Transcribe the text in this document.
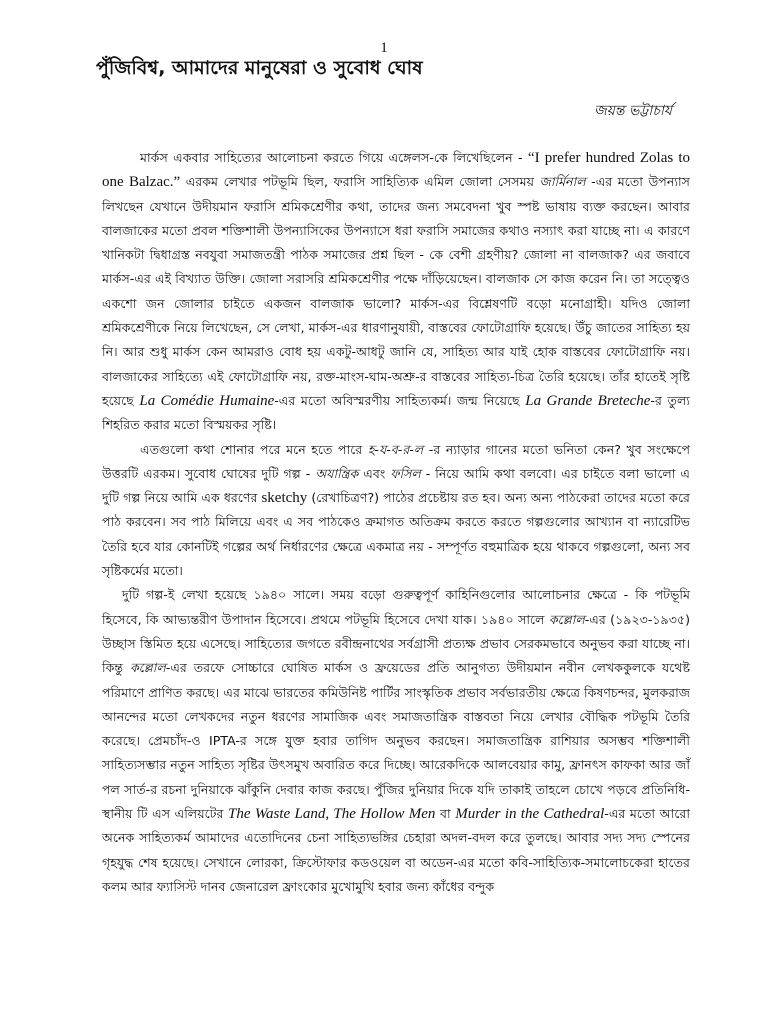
1
পুঁজিবিশ্ব, আমাদের মানুষেরা ও সুবোধ ঘোষ
জয়ন্ত ভট্টাচার্য

মার্কস একবার সাহিত্যের আলোচনা করতে গিয়ে এঙ্গেলস-কে লিখেছিলেন - “I prefer hundred Zolas to one Balzac.” এরকম লেখার পটভূমি ছিল, ফরাসি সাহিত্যিক এমিল জোলা সেসময় জার্মিনাল -এর মতো উপন্যাস লিখছেন যেখানে উদীয়মান ফরাসি শ্রমিকশ্রেণীর কথা, তাদের জন্য সমবেদনা খুব স্পষ্ট ভাষায় ব্যক্ত করছেন। আবার বালজাকের মতো প্রবল শক্তিশালী উপন্যাসিকের উপন্যাসে ধরা ফরাসি সমাজের কথাও নস্যাৎ করা যাচ্ছে না। এ কারণে খানিকটা দ্বিধাগ্রস্ত নবযুবা সমাজতন্ত্রী পাঠক সমাজের প্রশ্ন ছিল - কে বেশী গ্রহণীয়? জোলা না বালজাক? এর জবাবে মার্কস-এর এই বিখ্যাত উক্তি। জোলা সরাসরি শ্রমিকশ্রেণীর পক্ষে দাঁড়িয়েছেন। বালজাক সে কাজ করেন নি। তা সত্ত্বেও একশো জন জোলার চাইতে একজন বালজাক ভালো? মার্কস-এর বিশ্লেষণটি বড়ো মনোগ্রাহী। যদিও জোলা শ্রমিকশ্রেণীকে নিয়ে লিখেছেন, সে লেখা, মার্কস-এর ধারণানুযায়ী, বাস্তবের ফোটোগ্রাফি হয়েছে। উঁচু জাতের সাহিত্য হয় নি। আর শুধু মার্কস কেন আমরাও বোধ হয় একটু-আধটু জানি যে, সাহিত্য আর যাই হোক বাস্তবের ফোটোগ্রাফি নয়। বালজাকের সাহিত্যে এই ফোটোগ্রাফি নয়, রক্ত-মাংস-ঘাম-অশ্রু-র বাস্তবের সাহিত্য-চিত্র তৈরি হয়েছে। তাঁর হাতেই সৃষ্টি হয়েছে La Comédie Humaine-এর মতো অবিস্মরণীয় সাহিত্যকর্ম। জন্ম নিয়েছে La Grande Breteche-র তুল্য শিহরিত করার মতো বিস্ময়কর সৃষ্টি।

এতগুলো কথা শোনার পরে মনে হতে পারে হ-য-ব-র-ল -র ন্যাড়ার গানের মতো ভনিতা কেন? খুব সংক্ষেপে উত্তরটি এরকম। সুবোধ ঘোষের দুটি গল্প - অযান্ত্রিক এবং ফসিল - নিয়ে আমি কথা বলবো। এর চাইতে বলা ভালো এ দুটি গল্প নিয়ে আমি এক ধরণের sketchy (রেখাচিত্রণ?) পাঠের প্রচেষ্টায় রত হব। অন্য অন্য পাঠকেরা তাদের মতো করে পাঠ করবেন। সব পাঠ মিলিয়ে এবং এ সব পাঠকেও ক্রমাগত অতিক্রম করতে করতে গল্পগুলোর আখ্যান বা ন্যারেটিভ তৈরি হবে যার কোনটিই গল্পের অর্থ নির্ধারণের ক্ষেত্রে একমাত্র নয় - সম্পূর্ণত বহুমাত্রিক হয়ে থাকবে গল্পগুলো, অন্য সব সৃষ্টিকর্মের মতো।

দুটি গল্প-ই লেখা হয়েছে ১৯৪০ সালে। সময় বড়ো গুরুত্বপূর্ণ কাহিনিগুলোর আলোচনার ক্ষেত্রে - কি পটভূমি হিসেবে, কি আভ্যন্তরীণ উপাদান হিসেবে। প্রথমে পটভূমি হিসেবে দেখা যাক। ১৯৪০ সালে কল্লোল-এর (১৯২৩-১৯৩৫) উচ্ছাস স্তিমিত হয়ে এসেছে। সাহিত্যের জগতে রবীন্দ্রনাথের সর্বগ্রাসী প্রত্যক্ষ প্রভাব সেরকমভাবে অনুভব করা যাচ্ছে না। কিন্তু কল্লোল-এর তরফে সোচ্চারে ঘোষিত মার্কস ও ফ্রয়েডের প্রতি আনুগত্য উদীয়মান নবীন লেখককুলকে যথেষ্ট পরিমাণে প্রাণিত করছে। এর মাঝে ভারতের কমিউনিষ্ট পার্টির সাংস্কৃতিক প্রভাব সর্বভারতীয় ক্ষেত্রে কিষণচন্দর, মুলকরাজ আনন্দের মতো লেখকদের নতুন ধরণের সামাজিক এবং সমাজতান্ত্রিক বাস্তবতা নিয়ে লেখার বৌদ্ধিক পটভূমি তৈরি করেছে। প্রেমচাঁদ-ও IPTA-র সঙ্গে যুক্ত হবার তাগিদ অনুভব করছেন। সমাজতান্ত্রিক রাশিয়ার অসম্ভব শক্তিশালী সাহিত্যসম্ভার নতুন সাহিত্য সৃষ্টির উৎসমুখ অবারিত করে দিচ্ছে। আরেকদিকে আলবেয়ার কামু, ফ্রানৎস কাফকা আর জাঁ পল সার্ত-র রচনা দুনিয়াকে ঝাঁকুনি দেবার কাজ করছে। পুঁজির দুনিয়ার দিকে যদি তাকাই তাহলে চোখে পড়বে প্রতিনিধি-স্থানীয় টি এস এলিয়টের The Waste Land, The Hollow Men বা Murder in the Cathedral-এর মতো আরো অনেক সাহিত্যকর্ম আমাদের এতোদিনের চেনা সাহিত্যভঙ্গির চেহারা অদল-বদল করে তুলছে। আবার সদ্য সদ্য স্পেনের গৃহযুদ্ধ শেষ হয়েছে। সেখানে লোরকা, ক্রিস্টোফার কডওয়েল বা অডেন-এর মতো কবি-সাহিত্যিক-সমালোচকেরা হাতের কলম আর ফ্যাসিস্ট দানব জেনারেল ফ্রাংকোর মুখোমুখি হবার জন্য কাঁধের বন্দুক
